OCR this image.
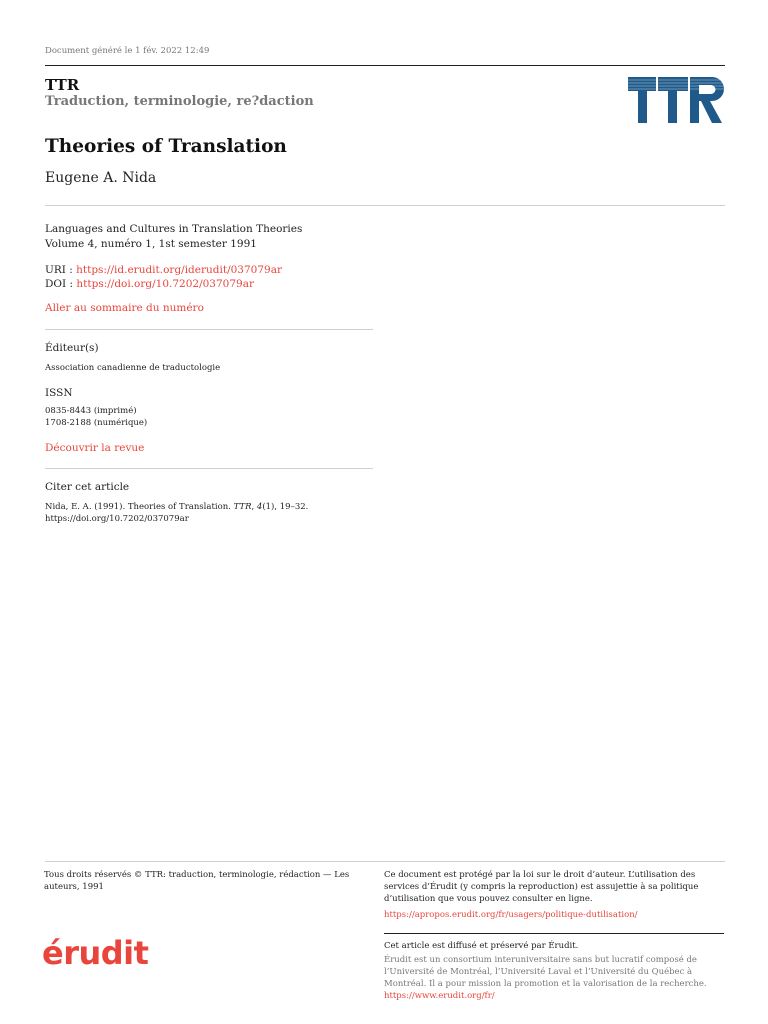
Document généré le 1 fév. 2022 12:49
TTR
Traduction, terminologie, re?daction
Theories of Translation
Eugene A. Nida
Languages and Cultures in Translation Theories
Volume 4, numéro 1, 1st semester 1991
URI : https://id.erudit.org/iderudit/037079ar
DOI : https://doi.org/10.7202/037079ar
Aller au sommaire du numéro
Éditeur(s)
Association canadienne de traductologie
ISSN
0835-8443 (imprimé)
1708-2188 (numérique)
Découvrir la revue
Citer cet article
Nida, E. A. (1991). Theories of Translation. TTR, 4(1), 19–32.
https://doi.org/10.7202/037079ar
Tous droits réservés © TTR: traduction, terminologie, rédaction — Les auteurs, 1991
Ce document est protégé par la loi sur le droit d’auteur. L’utilisation des services d’Érudit (y compris la reproduction) est assujettie à sa politique d’utilisation que vous pouvez consulter en ligne.
https://apropos.erudit.org/fr/usagers/politique-dutilisation/
érudit	Cet article est diffusé et préservé par Érudit.
Érudit est un consortium interuniversitaire sans but lucratif composé de l’Université de Montréal, l’Université Laval et l’Université du Québec à Montréal. Il a pour mission la promotion et la valorisation de la recherche.
https://www.erudit.org/fr/
